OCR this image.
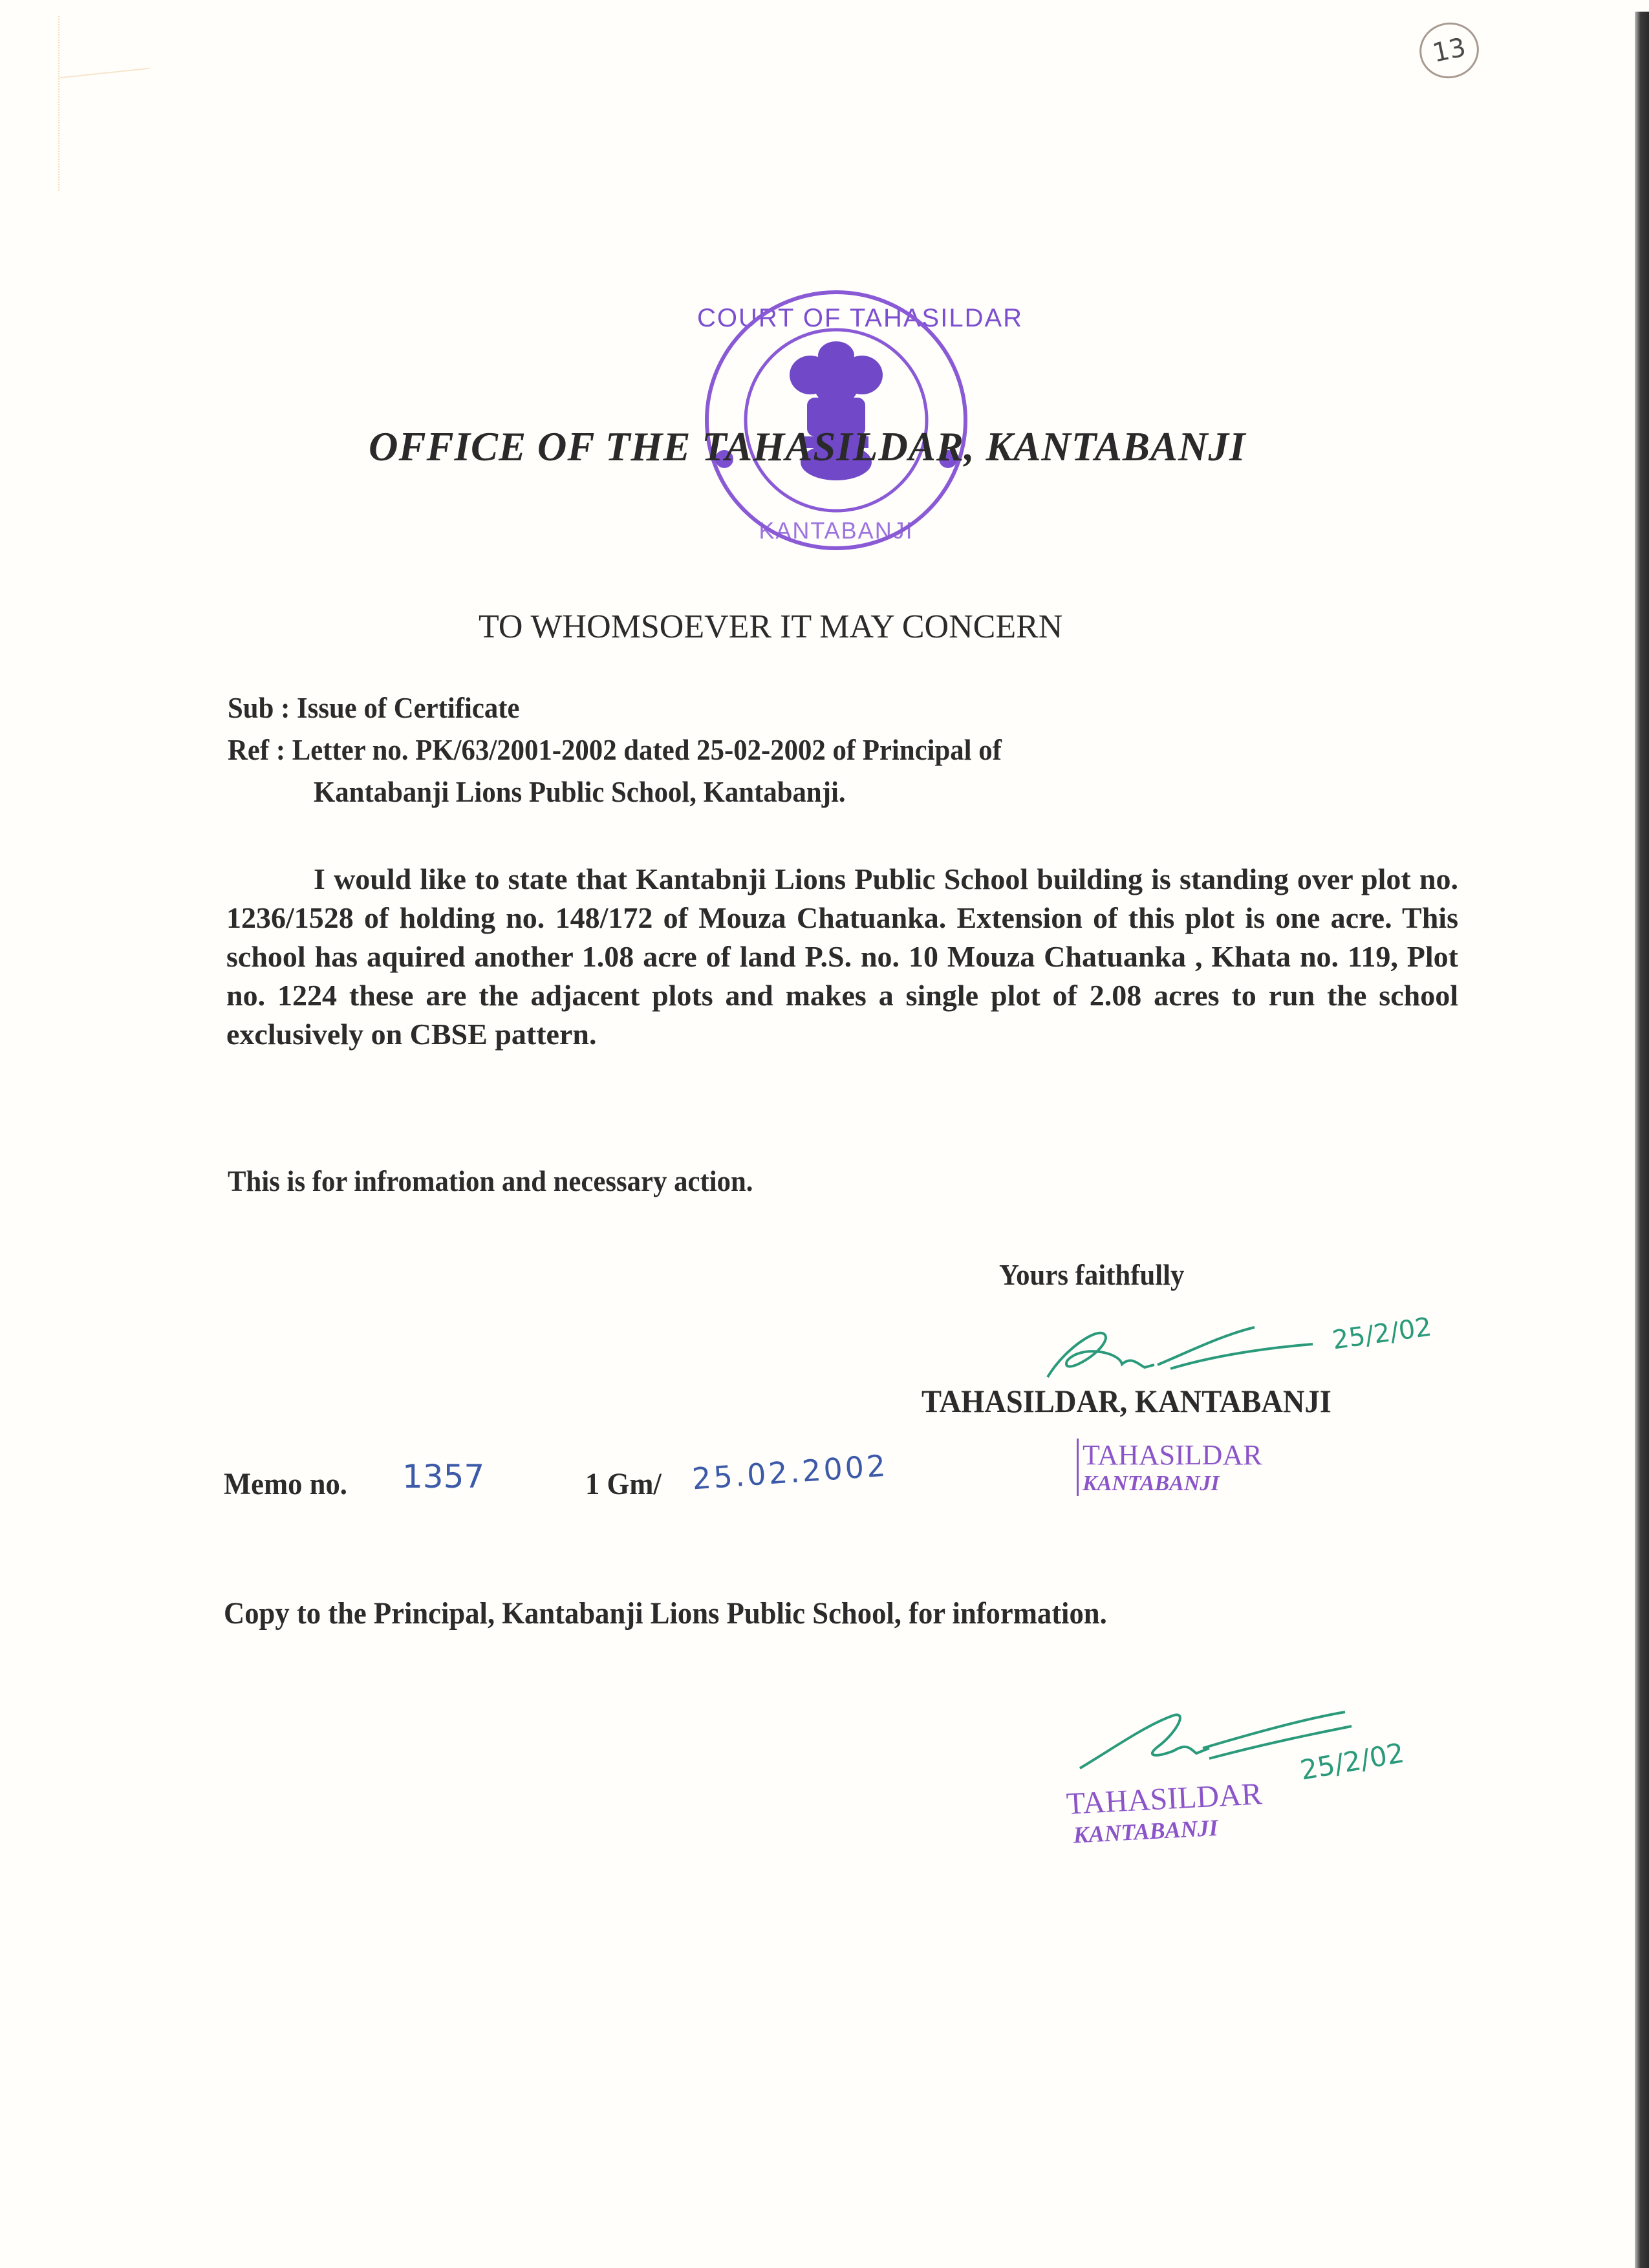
13
COURT OF TAHASILDAR
KANTABANJI
OFFICE OF THE TAHASILDAR, KANTABANJI
TO WHOMSOEVER IT MAY CONCERN
Sub : Issue of Certificate
Ref : Letter no. PK/63/2001-2002 dated 25-02-2002 of Principal of
Kantabanji Lions Public School, Kantabanji.

I would like to state that Kantabnji Lions Public School building is standing over plot no. 1236/1528 of holding no. 148/172 of Mouza Chatuanka. Extension of this plot is one acre. This school has aquired another 1.08 acre of land P.S. no. 10 Mouza Chatuanka , Khata no. 119, Plot no. 1224 these are the adjacent plots and makes a single plot of 2.08 acres to run the school exclusively on CBSE pattern.

This is for infromation and necessary action.
Yours faithfully
25/2/02
TAHASILDAR, KANTABANJI
TAHASILDAR
KANTABANJI
Memo no. 1357	1 Gm/ 25.02.2002
Copy to the Principal, Kantabanji Lions Public School, for information.
25/2/02
TAHASILDAR
KANTABANJI
